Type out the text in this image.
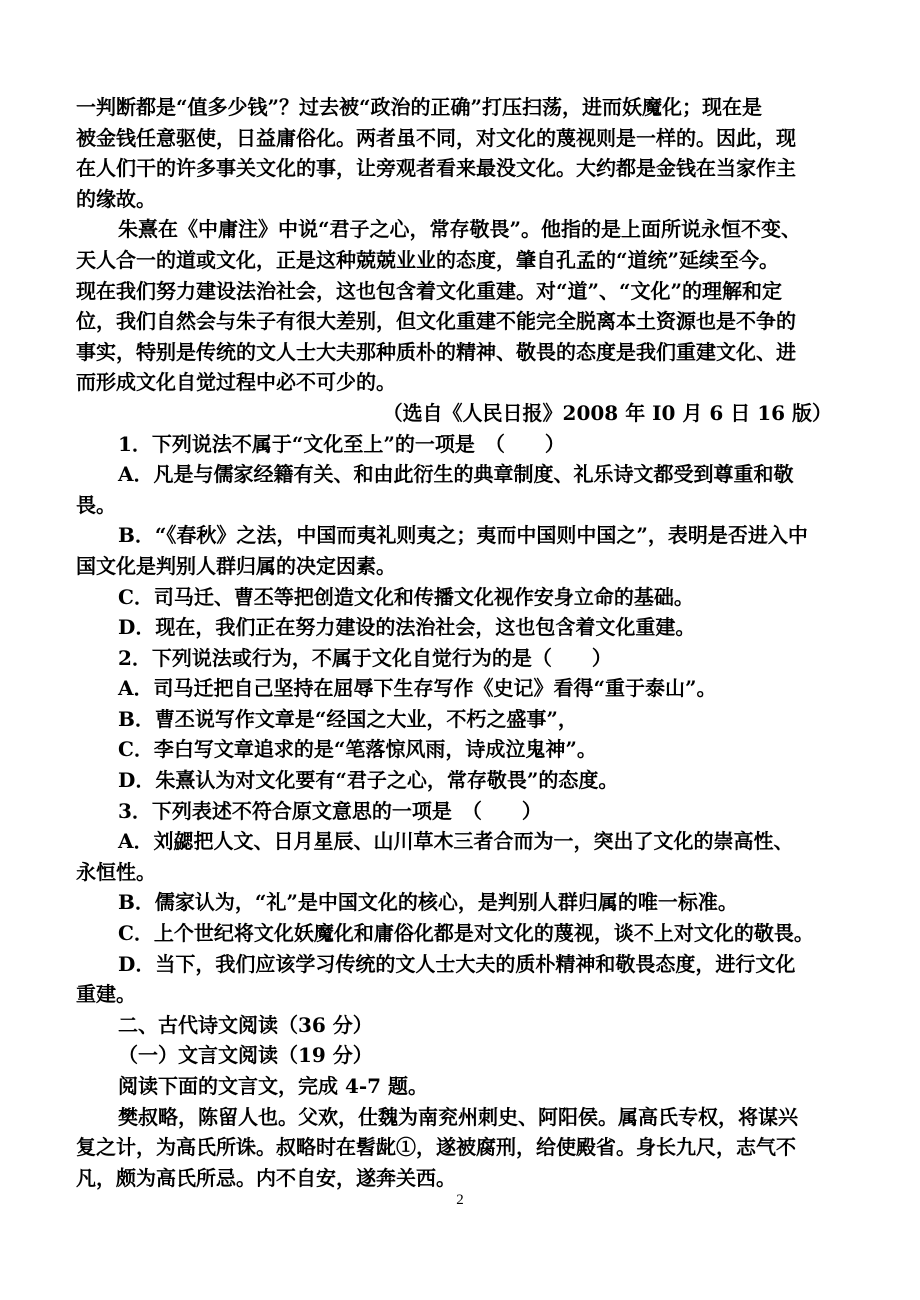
一判断都是“值多少钱”？过去被“政治的正确”打压扫荡，进而妖魔化；现在是
被金钱任意驱使，日益庸俗化。两者虽不同，对文化的蔑视则是一样的。因此，现
在人们干的许多事关文化的事，让旁观者看来最没文化。大约都是金钱在当家作主
的缘故。
朱熹在《中庸注》中说“君子之心，常存敬畏”。他指的是上面所说永恒不变、
天人合一的道或文化，正是这种兢兢业业的态度，肇自孔孟的“道统”延续至今。
现在我们努力建设法治社会，这也包含着文化重建。对“道”、“文化”的理解和定
位，我们自然会与朱子有很大差别，但文化重建不能完全脱离本土资源也是不争的
事实，特别是传统的文人士大夫那种质朴的精神、敬畏的态度是我们重建文化、进
而形成文化自觉过程中必不可少的。
（选自《人民日报》2008 年 I0 月 6 日 16 版）
1．下列说法不属于“文化至上”的一项是　（　　）
A．凡是与儒家经籍有关、和由此衍生的典章制度、礼乐诗文都受到尊重和敬
畏。
B．“《春秋》之法，中国而夷礼则夷之；夷而中国则中国之”，表明是否进入中
国文化是判别人群归属的决定因素。
C．司马迁、曹丕等把创造文化和传播文化视作安身立命的基础。
D．现在，我们正在努力建设的法治社会，这也包含着文化重建。
2．下列说法或行为，不属于文化自觉行为的是（　　）
A．司马迁把自己坚持在屈辱下生存写作《史记》看得“重于泰山”。
B．曹丕说写作文章是“经国之大业，不朽之盛事”，
C．李白写文章追求的是“笔落惊风雨，诗成泣鬼神”。
D．朱熹认为对文化要有“君子之心，常存敬畏”的态度。
3．下列表述不符合原文意思的一项是　（　　）
A．刘勰把人文、日月星辰、山川草木三者合而为一，突出了文化的崇高性、
永恒性。
B．儒家认为，“礼”是中国文化的核心，是判别人群归属的唯一标准。
C．上个世纪将文化妖魔化和庸俗化都是对文化的蔑视，谈不上对文化的敬畏。
D．当下，我们应该学习传统的文人士大夫的质朴精神和敬畏态度，进行文化
重建。
二、古代诗文阅读（36 分）
（一）文言文阅读（19 分）
阅读下面的文言文，完成 4-7 题。
樊叔略，陈留人也。父欢，仕魏为南兖州刺史、阿阳侯。属高氏专权，将谋兴
复之计，为高氏所诛。叔略时在髫龀①，遂被腐刑，给使殿省。身长九尺，志气不
凡，颇为高氏所忌。内不自安，遂奔关西。
2
